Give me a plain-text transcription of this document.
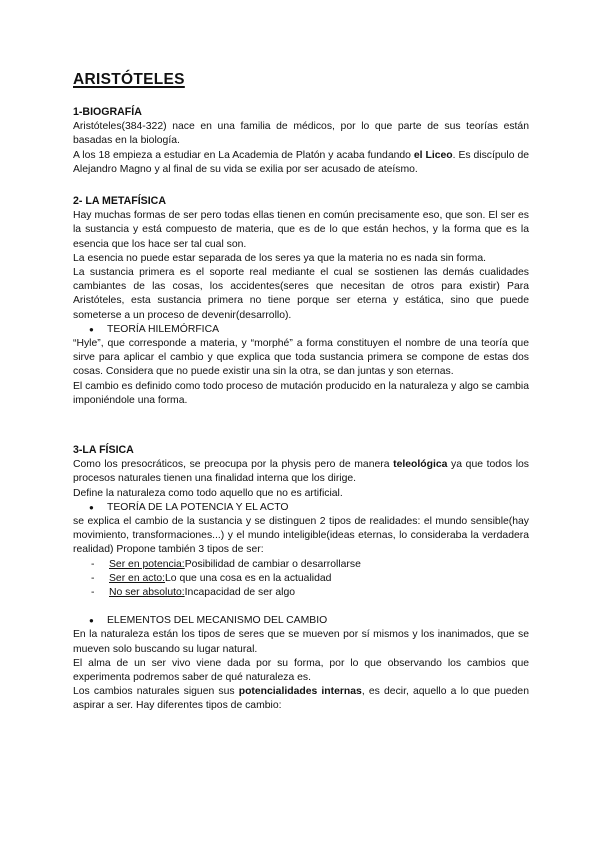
ARISTÓTELES

1-BIOGRAFÍA

Aristóteles(384-322) nace en una familia de médicos, por lo que parte de sus teorías están basadas en la biología.

A los 18 empieza a estudiar en La Academia de Platón y acaba fundando el Liceo. Es discípulo de Alejandro Magno y al final de su vida se exilia por ser acusado de ateísmo.

2- LA METAFÍSICA

Hay muchas formas de ser pero todas ellas tienen en común precisamente eso, que son. El ser es la sustancia y está compuesto de materia, que es de lo que están hechos, y la forma que es la esencia que los hace ser tal cual son.

La esencia no puede estar separada de los seres ya que la materia no es nada sin forma.

La sustancia primera es el soporte real mediante el cual se sostienen las demás cualidades cambiantes de las cosas, los accidentes(seres que necesitan de otros para existir) Para Aristóteles, esta sustancia primera no tiene porque ser eterna y estática, sino que puede someterse a un proceso de devenir(desarrollo).

● TEORÍA HILEMÓRFICA

“Hyle”, que corresponde a materia, y “morphé” a forma constituyen el nombre de una teoría que sirve para aplicar el cambio y que explica que toda sustancia primera se compone de estas dos cosas. Considera que no puede existir una sin la otra, se dan juntas y son eternas.

El cambio es definido como todo proceso de mutación producido en la naturaleza y algo se cambia imponiéndole una forma.

3-LA FÍSICA

Como los presocráticos, se preocupa por la physis pero de manera teleológica ya que todos los procesos naturales tienen una finalidad interna que los dirige.

Define la naturaleza como todo aquello que no es artificial.

● TEORÍA DE LA POTENCIA Y EL ACTO

se explica el cambio de la sustancia y se distinguen 2 tipos de realidades: el mundo sensible(hay movimiento, transformaciones...) y el mundo inteligible(ideas eternas, lo consideraba la verdadera realidad) Propone también 3 tipos de ser:

- Ser en potencia:Posibilidad de cambiar o desarrollarse

- Ser en acto:Lo que una cosa es en la actualidad

- No ser absoluto:Incapacidad de ser algo

● ELEMENTOS DEL MECANISMO DEL CAMBIO

En la naturaleza están los tipos de seres que se mueven por sí mismos y los inanimados, que se mueven solo buscando su lugar natural.

El alma de un ser vivo viene dada por su forma, por lo que observando los cambios que experimenta podremos saber de qué naturaleza es.

Los cambios naturales siguen sus potencialidades internas, es decir, aquello a lo que pueden aspirar a ser. Hay diferentes tipos de cambio:
